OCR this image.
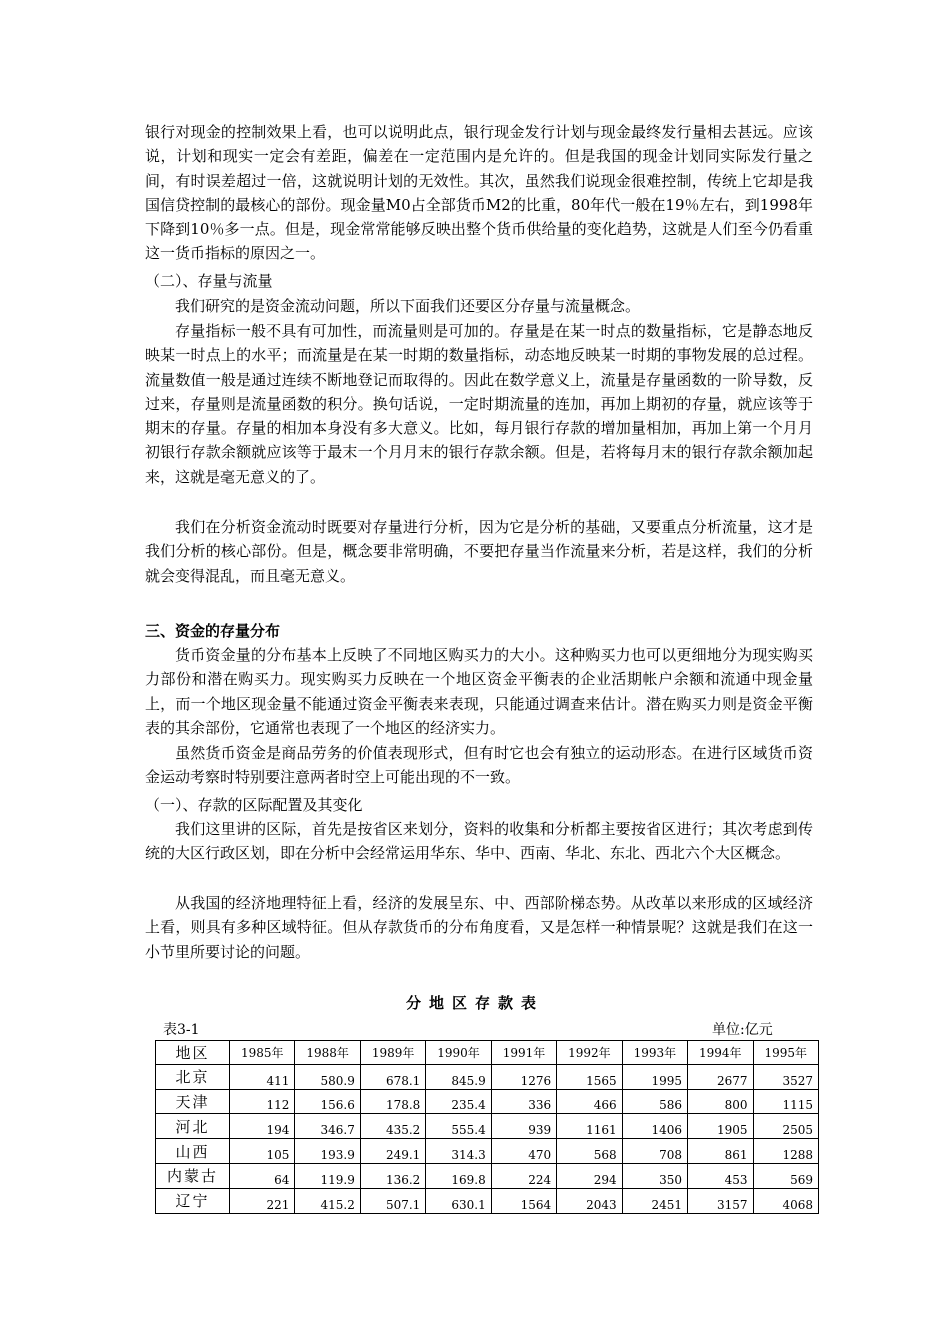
银行对现金的控制效果上看，也可以说明此点，银行现金发行计划与现金最终发行量相去甚远。应该说，计划和现实一定会有差距，偏差在一定范围内是允许的。但是我国的现金计划同实际发行量之间，有时误差超过一倍，这就说明计划的无效性。其次，虽然我们说现金很难控制，传统上它却是我国信贷控制的最核心的部份。现金量M0占全部货币M2的比重，80年代一般在19％左右，到1998年下降到10％多一点。但是，现金常常能够反映出整个货币供给量的变化趋势，这就是人们至今仍看重这一货币指标的原因之一。

（二）、存量与流量

我们研究的是资金流动问题，所以下面我们还要区分存量与流量概念。

存量指标一般不具有可加性，而流量则是可加的。存量是在某一时点的数量指标，它是静态地反映某一时点上的水平；而流量是在某一时期的数量指标，动态地反映某一时期的事物发展的总过程。流量数值一般是通过连续不断地登记而取得的。因此在数学意义上，流量是存量函数的一阶导数，反过来，存量则是流量函数的积分。换句话说，一定时期流量的连加，再加上期初的存量，就应该等于期末的存量。存量的相加本身没有多大意义。比如，每月银行存款的增加量相加，再加上第一个月月初银行存款余额就应该等于最末一个月月末的银行存款余额。但是，若将每月末的银行存款余额加起来，这就是毫无意义的了。

我们在分析资金流动时既要对存量进行分析，因为它是分析的基础，又要重点分析流量，这才是我们分析的核心部份。但是，概念要非常明确，不要把存量当作流量来分析，若是这样，我们的分析就会变得混乱，而且毫无意义。

三、资金的存量分布

货币资金量的分布基本上反映了不同地区购买力的大小。这种购买力也可以更细地分为现实购买力部份和潜在购买力。现实购买力反映在一个地区资金平衡表的企业活期帐户余额和流通中现金量上，而一个地区现金量不能通过资金平衡表来表现，只能通过调查来估计。潜在购买力则是资金平衡表的其余部份，它通常也表现了一个地区的经济实力。

虽然货币资金是商品劳务的价值表现形式，但有时它也会有独立的运动形态。在进行区域货币资金运动考察时特别要注意两者时空上可能出现的不一致。

（一）、存款的区际配置及其变化

我们这里讲的区际，首先是按省区来划分，资料的收集和分析都主要按省区进行；其次考虑到传统的大区行政区划，即在分析中会经常运用华东、华中、西南、华北、东北、西北六个大区概念。

从我国的经济地理特征上看，经济的发展呈东、中、西部阶梯态势。从改革以来形成的区域经济上看，则具有多种区域特征。但从存款货币的分布角度看，又是怎样一种情景呢？这就是我们在这一小节里所要讨论的问题。

分地区存款表
表3-1	单位:亿元
地区	1985年	1988年	1989年	1990年	1991年	1992年	1993年	1994年	1995年
北京	411	580.9	678.1	845.9	1276	1565	1995	2677	3527
天津	112	156.6	178.8	235.4	336	466	586	800	1115
河北	194	346.7	435.2	555.4	939	1161	1406	1905	2505
山西	105	193.9	249.1	314.3	470	568	708	861	1288
内蒙古	64	119.9	136.2	169.8	224	294	350	453	569
辽宁	221	415.2	507.1	630.1	1564	2043	2451	3157	4068
